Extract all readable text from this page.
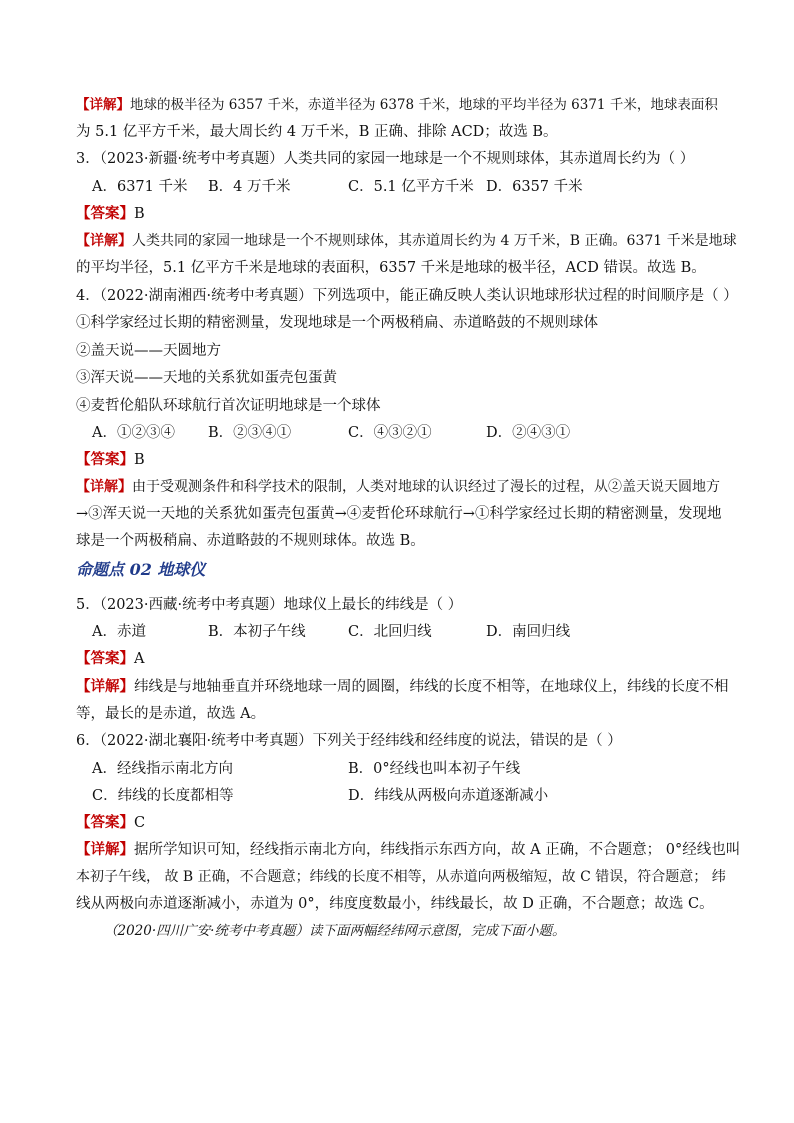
【详解】地球的极半径为 6357 千米，赤道半径为 6378 千米，地球的平均半径为 6371 千米，地球表面积
为 5.1 亿平方千米，最大周长约 4 万千米，B 正确、排除 ACD；故选 B。
3．（2023·新疆·统考中考真题）人类共同的家园一地球是一个不规则球体，其赤道周长约为（ ）
A．6371 千米 B．4 万千米	C．5.1 亿平方千米 D．6357 千米
【答案】B
【详解】人类共同的家园一地球是一个不规则球体，其赤道周长约为 4 万千米，B 正确。6371 千米是地球
的平均半径，5.1 亿平方千米是地球的表面积，6357 千米是地球的极半径，ACD 错误。故选 B。
4．（2022·湖南湘西·统考中考真题）下列选项中，能正确反映人类认识地球形状过程的时间顺序是（ ）
①科学家经过长期的精密测量，发现地球是一个两极稍扁、赤道略鼓的不规则球体
②盖天说——天圆地方
③浑天说——天地的关系犹如蛋壳包蛋黄
④麦哲伦船队环球航行首次证明地球是一个球体
A．①②③④ B．②③④①	C．④③②①	D．②④③①
【答案】B
【详解】由于受观测条件和科学技术的限制，人类对地球的认识经过了漫长的过程，从②盖天说天圆地方
→③浑天说一天地的关系犹如蛋壳包蛋黄→④麦哲伦环球航行→①科学家经过长期的精密测量，发现地
球是一个两极稍扁、赤道略鼓的不规则球体。故选 B。
命题点 02 地球仪
5．（2023·西藏·统考中考真题）地球仪上最长的纬线是（ ）
A．赤道	B．本初子午线	C．北回归线	D．南回归线
【答案】A
【详解】纬线是与地轴垂直并环绕地球一周的圆圈，纬线的长度不相等，在地球仪上，纬线的长度不相
等，最长的是赤道，故选 A。
6．（2022·湖北襄阳·统考中考真题）下列关于经纬线和经纬度的说法，错误的是（ ）
A．经线指示南北方向	B．0°经线也叫本初子午线
C．纬线的长度都相等	D．纬线从两极向赤道逐渐减小
【答案】C
【详解】据所学知识可知，经线指示南北方向，纬线指示东西方向，故 A 正确，不合题意； 0°经线也叫
本初子午线， 故 B 正确，不合题意；纬线的长度不相等，从赤道向两极缩短，故 C 错误，符合题意； 纬
线从两极向赤道逐渐减小，赤道为 0°，纬度度数最小，纬线最长，故 D 正确，不合题意；故选 C。
（2020·四川广安·统考中考真题）读下面两幅经纬网示意图，完成下面小题。
